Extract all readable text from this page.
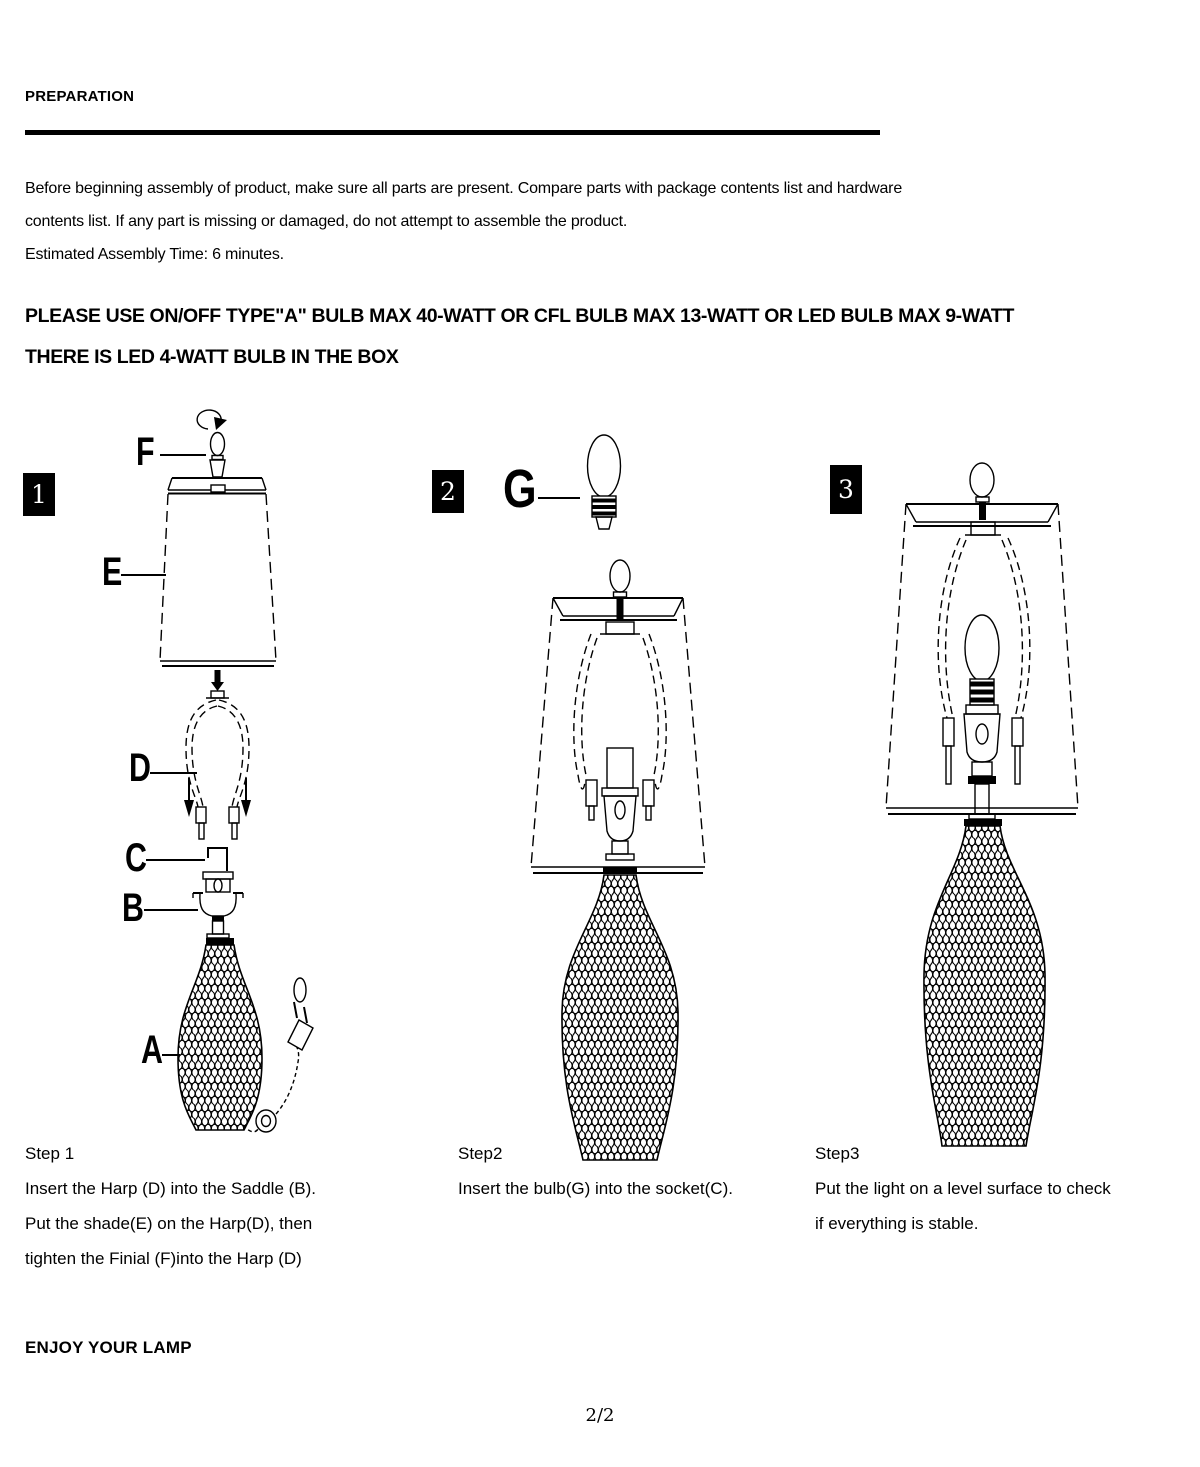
PREPARATION
Before beginning assembly of product, make sure all parts are present. Compare parts with package contents list and hardware
contents list. If any part is missing or damaged, do not attempt to assemble the product.
Estimated Assembly Time: 6 minutes.
PLEASE USE ON/OFF TYPE"A" BULB MAX 40-WATT OR CFL BULB MAX 13-WATT OR LED BULB MAX 9-WATT
THERE IS LED 4-WATT BULB IN THE BOX
1	2	3
F
E
D
C
B
A
G
Step 1
Insert the Harp (D) into the Saddle (B).
Put the shade(E) on the Harp(D), then
tighten the Finial (F)into the Harp (D)
Step2
Insert the bulb(G) into the socket(C).
Step3
Put the light on a level surface to check
if everything is stable.
ENJOY YOUR LAMP
2/2
